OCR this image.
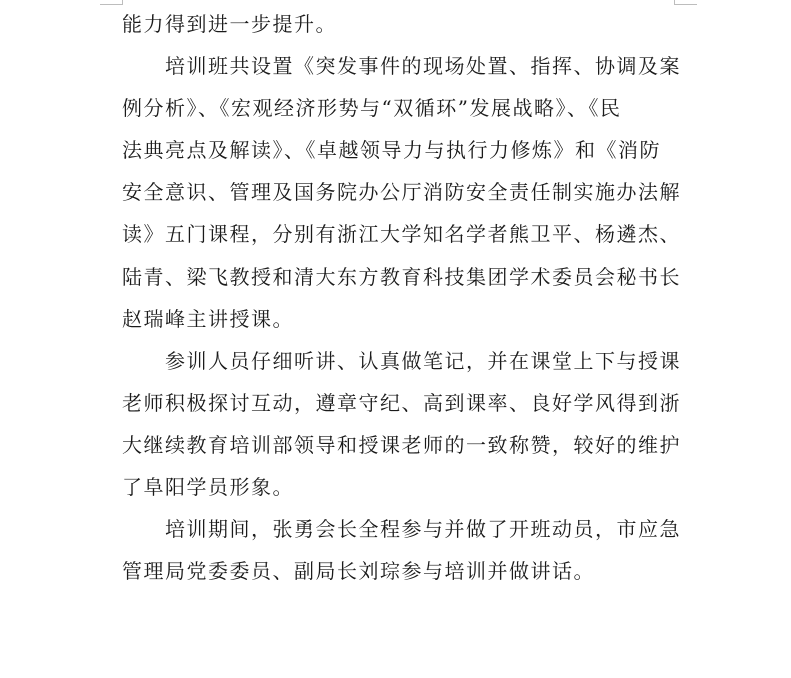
能力得到进一步提升。
培训班共设置《突发事件的现场处置、指挥、协调及案
例分析》、《宏观经济形势与“双循环”发展战略》、《民
法典亮点及解读》、《卓越领导力与执行力修炼》和《消防
安全意识、管理及国务院办公厅消防安全责任制实施办法解
读》五门课程，分别有浙江大学知名学者熊卫平、杨遴杰、
陆青、梁飞教授和清大东方教育科技集团学术委员会秘书长
赵瑞峰主讲授课。
参训人员仔细听讲、认真做笔记，并在课堂上下与授课
老师积极探讨互动，遵章守纪、高到课率、良好学风得到浙
大继续教育培训部领导和授课老师的一致称赞，较好的维护
了阜阳学员形象。
培训期间，张勇会长全程参与并做了开班动员，市应急
管理局党委委员、副局长刘琮参与培训并做讲话。
